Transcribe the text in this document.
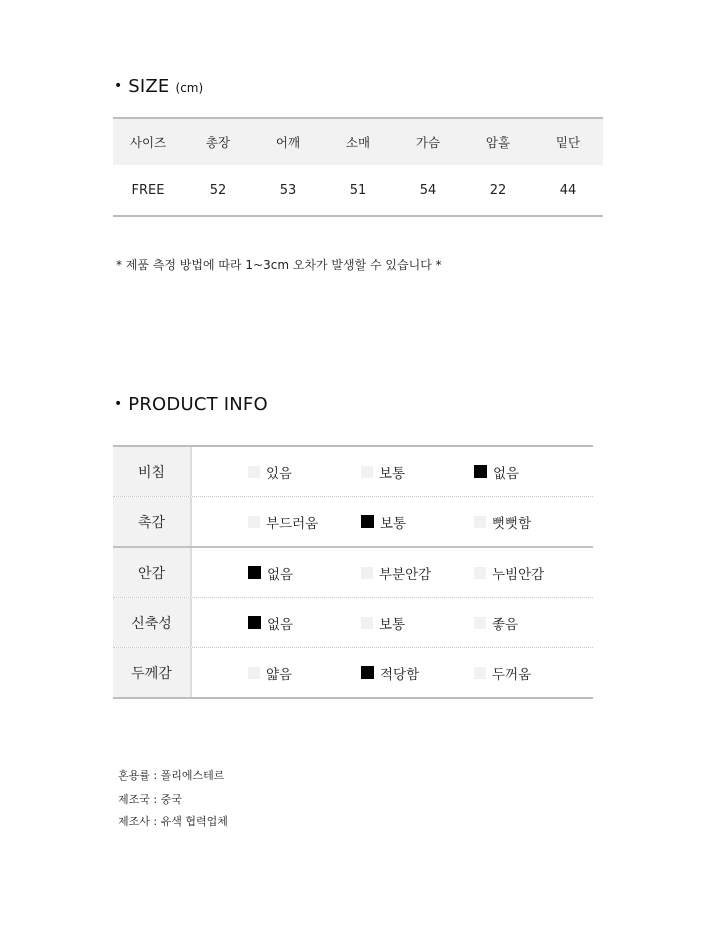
• SIZE (cm)
사이즈	총장	어깨	소매	가슴	암홀	밑단
FREE	52	53	51	54	22	44
* 제품 측정 방법에 따라 1~3cm 오차가 발생할 수 있습니다 *
• PRODUCT INFO
비침	있음	보통	없음
촉감	부드러움	보통	뻣뻣함
안감	없음	부분안감	누빔안감
신축성	없음	보통	좋음
두께감	얇음	적당함	두꺼움
혼용률 : 폴리에스테르
제조국 : 중국
제조사 : 유색 협력업체
